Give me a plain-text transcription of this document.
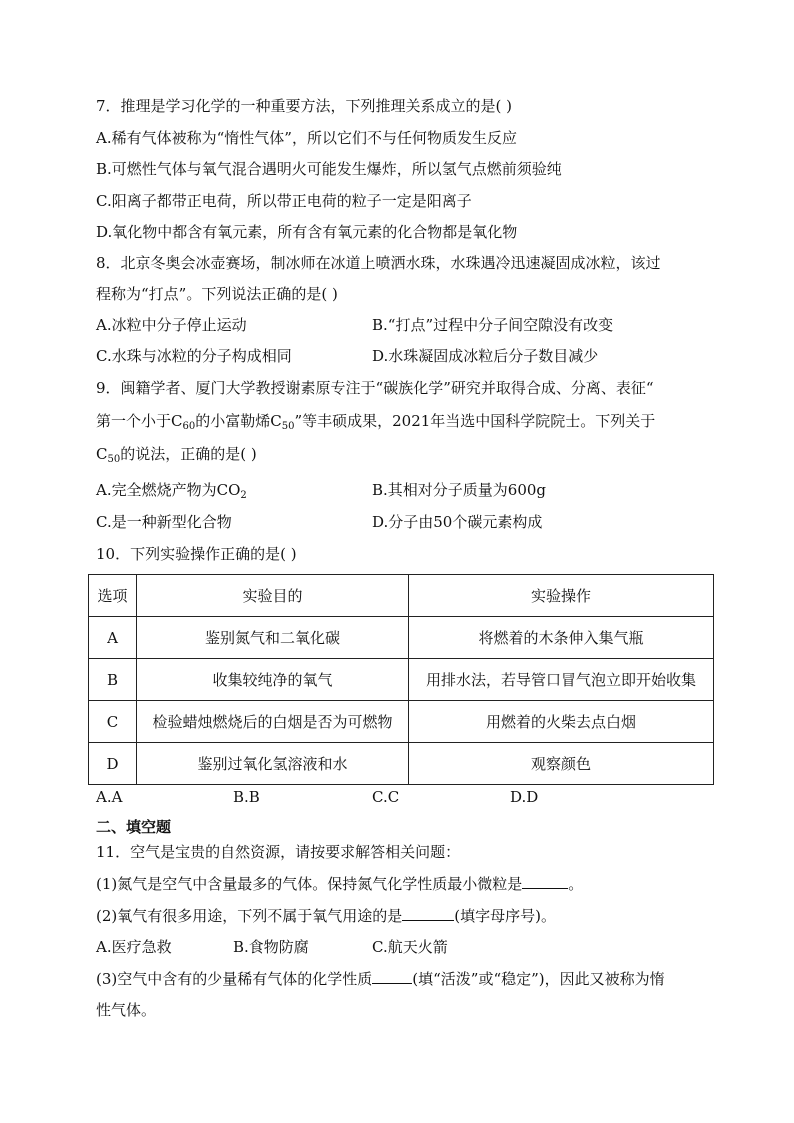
7．推理是学习化学的一种重要方法，下列推理关系成立的是( )
A.稀有气体被称为“惰性气体”，所以它们不与任何物质发生反应
B.可燃性气体与氧气混合遇明火可能发生爆炸，所以氢气点燃前须验纯
C.阳离子都带正电荷，所以带正电荷的粒子一定是阳离子
D.氧化物中都含有氧元素，所有含有氧元素的化合物都是氧化物
8．北京冬奥会冰壶赛场，制冰师在冰道上喷洒水珠，水珠遇冷迅速凝固成冰粒，该过
程称为“打点”。下列说法正确的是( )
A.冰粒中分子停止运动	B.“打点”过程中分子间空隙没有改变
C.水珠与冰粒的分子构成相同	D.水珠凝固成冰粒后分子数目减少
9．闽籍学者、厦门大学教授谢素原专注于“碳族化学”研究并取得合成、分离、表征“
第一个小于$C_{60}$的小富勒烯$C_{50}$”等丰硕成果，2021年当选中国科学院院士。下列关于
$C_{50}$的说法，正确的是( )
A.完全燃烧产物为$CO_2$	B.其相对分子质量为600g
C.是一种新型化合物	D.分子由50个碳元素构成
10．下列实验操作正确的是( )
选项	实验目的	实验操作
A	鉴别氮气和二氧化碳	将燃着的木条伸入集气瓶
B	收集较纯净的氧气	用排水法，若导管口冒气泡立即开始收集
C	检验蜡烛燃烧后的白烟是否为可燃物	用燃着的火柴去点白烟
D	鉴别过氧化氢溶液和水	观察颜色
A.A	B.B	C.C	D.D
二、填空题
11．空气是宝贵的自然资源，请按要求解答相关问题：
(1)氮气是空气中含量最多的气体。保持氮气化学性质最小微粒是	。
(2)氧气有很多用途，下列不属于氧气用途的是	(填字母序号)。
A.医疗急救	B.食物防腐	C.航天火箭
(3)空气中含有的少量稀有气体的化学性质	(填“活泼”或“稳定”)，因此又被称为惰
性气体。
